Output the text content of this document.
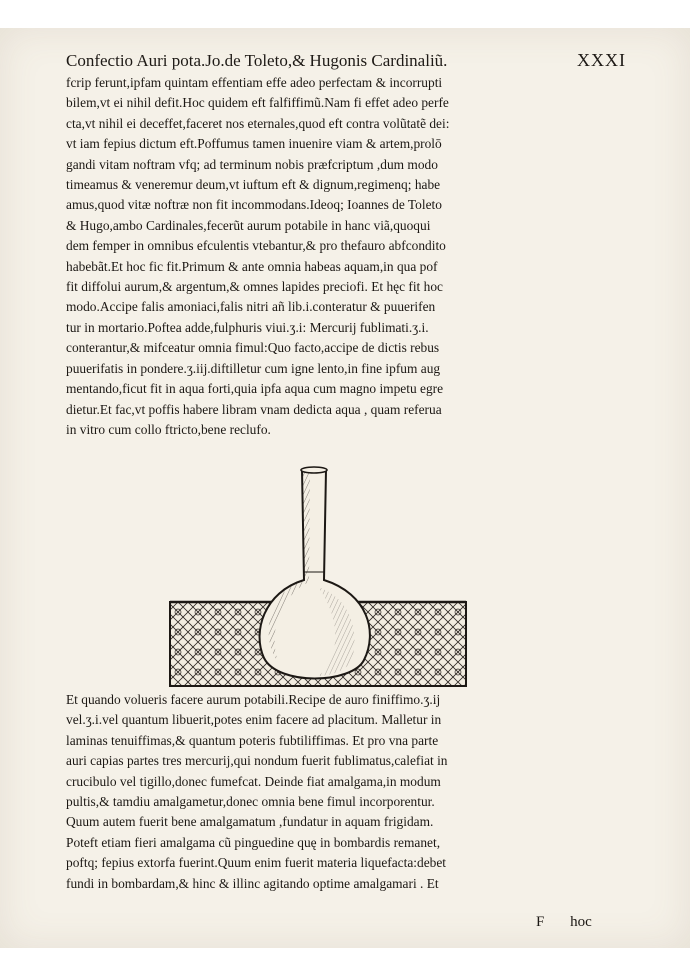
Confectio Auri pota.Jo.de Toleto,& Hugonis Cardinaliũ.	XXXI
fcrip ferunt,ipfam quintam effentiam effe adeo perfectam & incorrupti
bilem,vt ei nihil defit.Hoc quidem eft falfiffimũ.Nam fi effet adeo perfe
cta,vt nihil ei deceffet,faceret nos eternales,quod eft contra volũtatẽ dei:
vt iam fepius dictum eft.Poffumus tamen inuenire viam & artem,prolō
gandi vitam noftram vfq; ad terminum nobis præfcriptum ,dum modo
timeamus & veneremur deum,vt iuftum eft & dignum,regimenq; habe
amus,quod vitæ noftræ non fit incommodans.Ideoq; Ioannes de Toleto
& Hugo,ambo Cardinales,fecerũt aurum potabile in hanc viã,quoqui
dem femper in omnibus efculentis vtebantur,& pro thefauro abfcondito
habebãt.Et hoc fic fit.Primum & ante omnia habeas aquam,in qua pof
fit diffolui aurum,& argentum,& omnes lapides preciofi. Et hęc fit hoc
modo.Accipe falis amoniaci,falis nitri añ lib.i.conteratur & puuerifen
tur in mortario.Poftea adde,fulphuris viui.ʒ.i: Mercurij fublimati.ʒ.i.
conterantur,& mifceatur omnia fimul:Quo facto,accipe de dictis rebus
puuerifatis in pondere.ʒ.iij.diftilletur cum igne lento,in fine ipfum aug
mentando,ficut fit in aqua forti,quia ipfa aqua cum magno impetu egre
dietur.Et fac,vt poffis habere libram vnam dedicta aqua , quam referua
in vitro cum collo ftricto,bene reclufo.
Et quando volueris facere aurum potabili.Recipe de auro finiffimo.ʒ.ij
vel.ʒ.i.vel quantum libuerit,potes enim facere ad placitum. Malletur in
laminas tenuiffimas,& quantum poteris fubtiliffimas. Et pro vna parte
auri capias partes tres mercurij,qui nondum fuerit fublimatus,calefiat in
crucibulo vel tigillo,donec fumefcat. Deinde fiat amalgama,in modum
pultis,& tamdiu amalgametur,donec omnia bene fimul incorporentur.
Quum autem fuerit bene amalgamatum ,fundatur in aquam frigidam.
Poteft etiam fieri amalgama cũ pinguedine quę in bombardis remanet,
poftq; fepius extorfa fuerint.Quum enim fuerit materia liquefacta:debet
fundi in bombardam,& hinc & illinc agitando optime amalgamari . Et
F hoc
